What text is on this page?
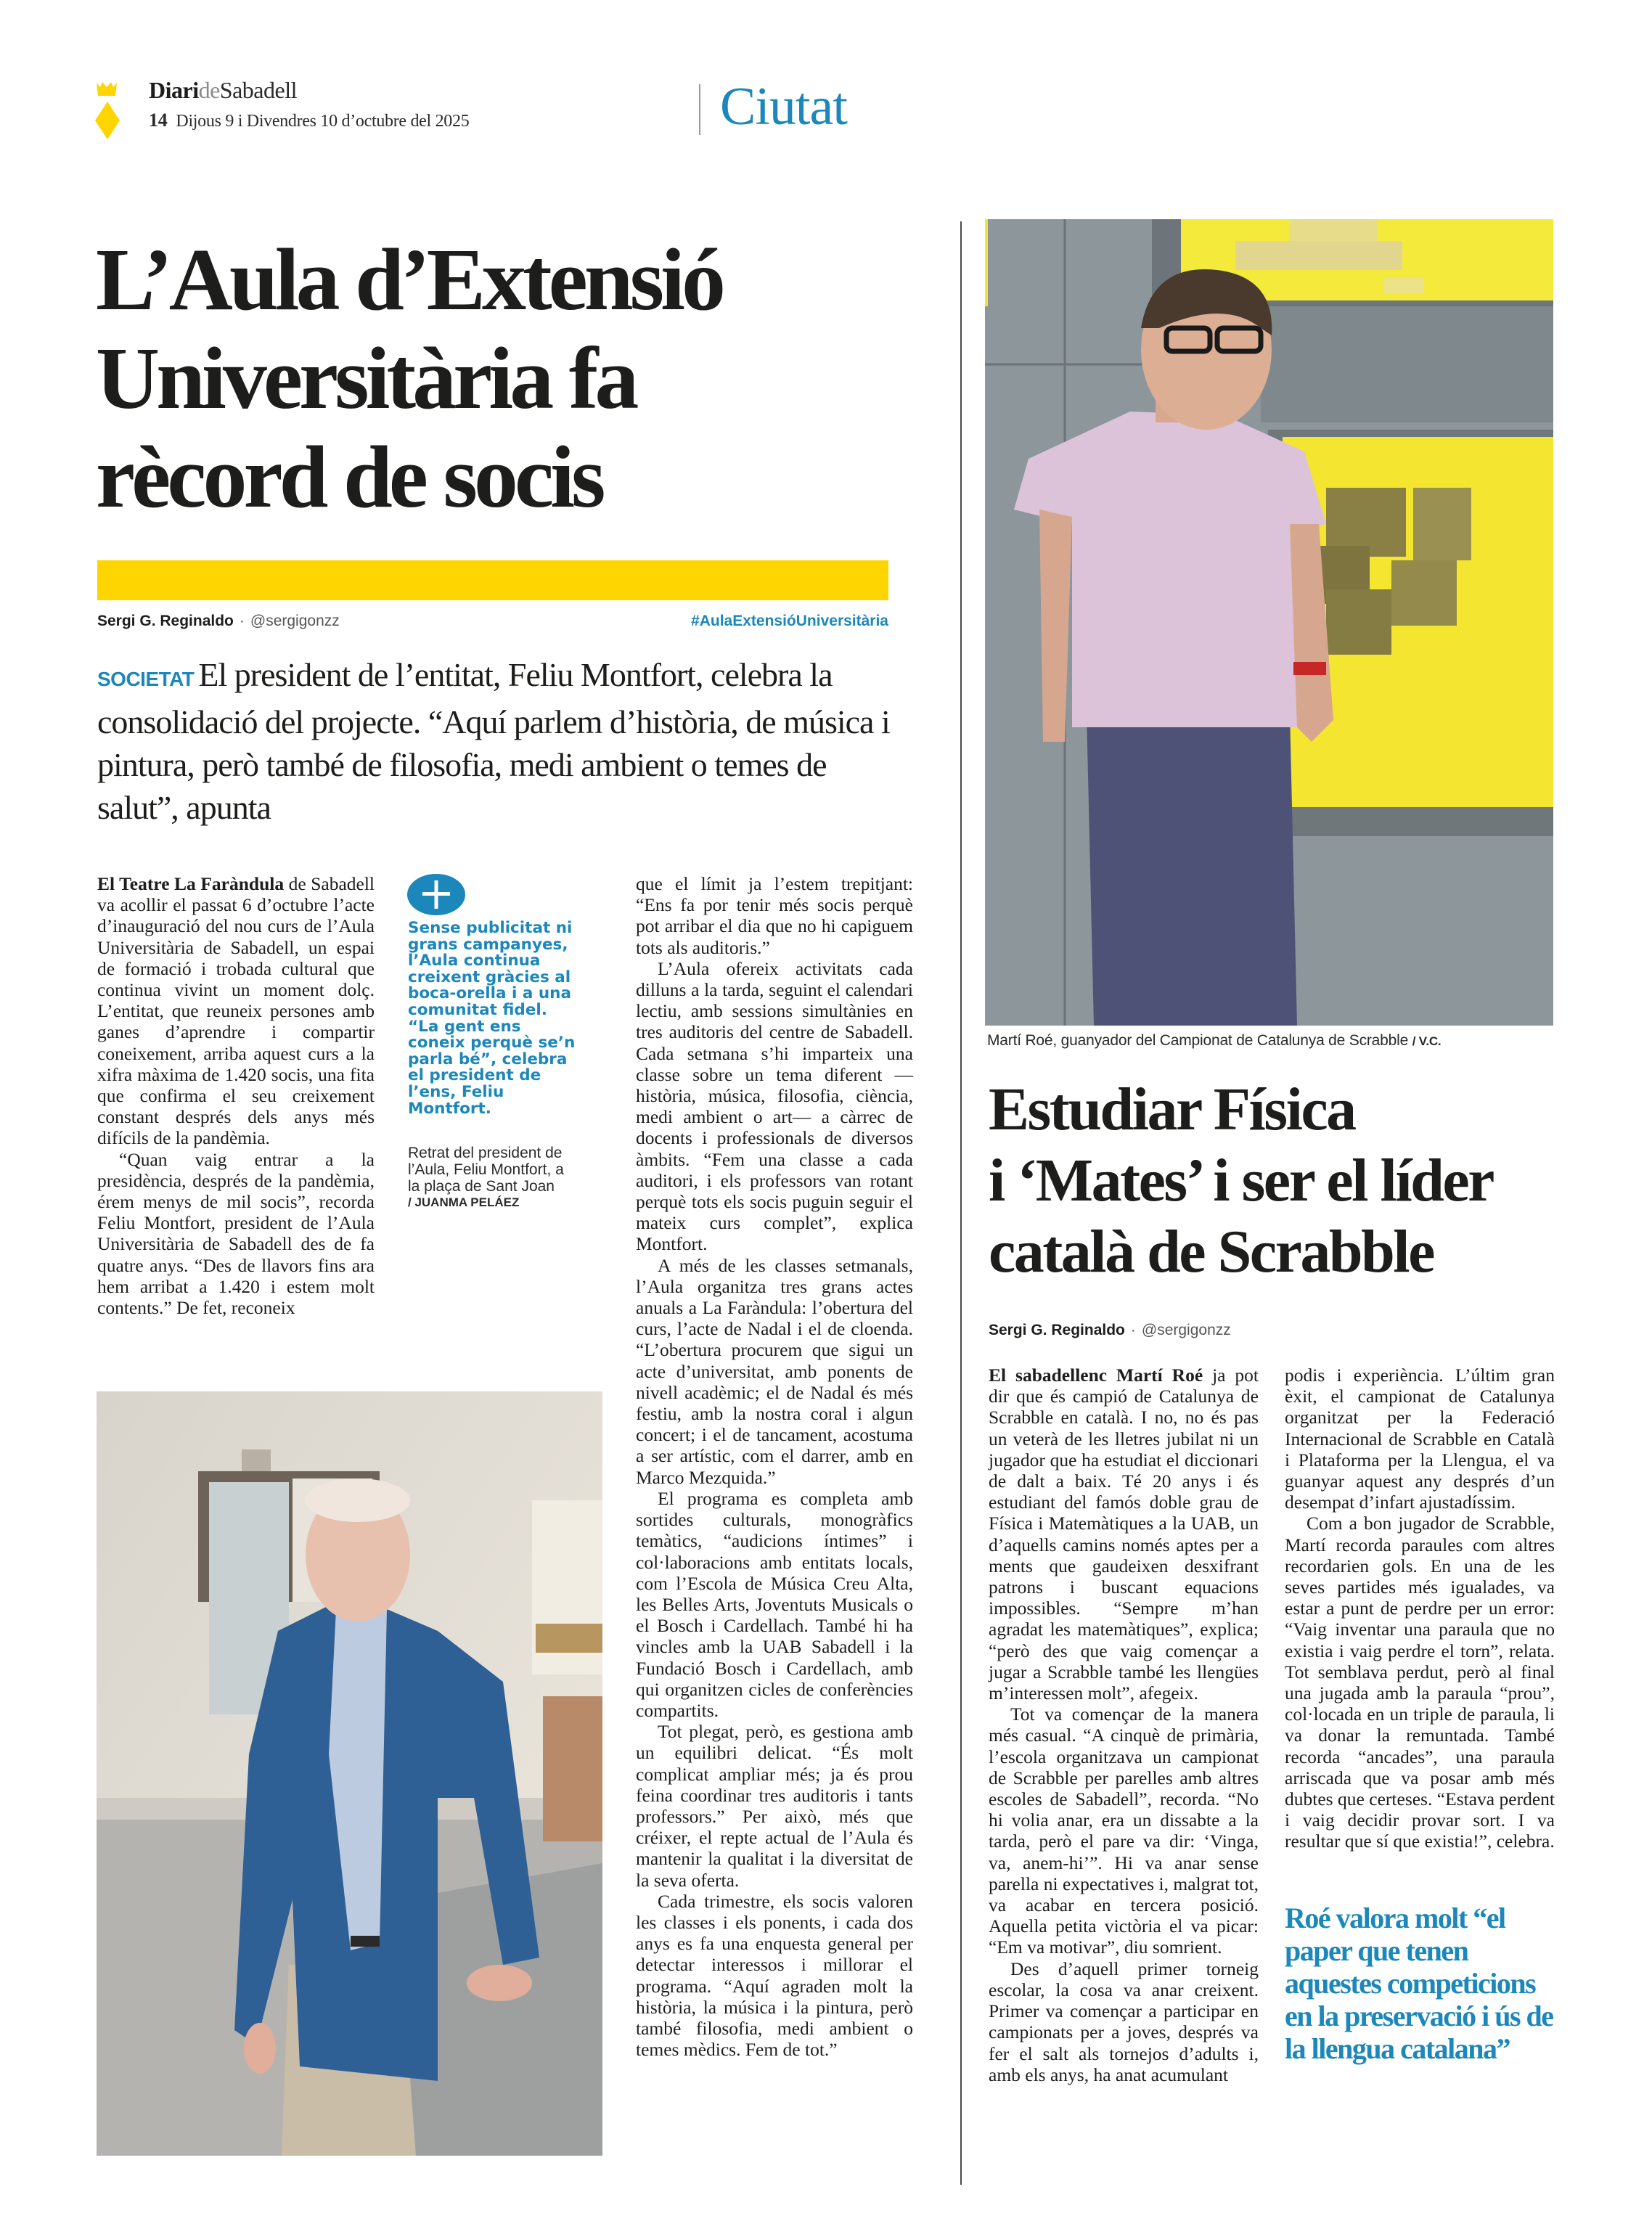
DiarideSabadell
14 Dijous 9 i Divendres 10 d’octubre del 2025	Ciutat
L’Aula d’Extensió
Universitària fa
rècord de socis
Sergi G. Reginaldo · @sergigonzz	#AulaExtensióUniversitària
SOCIETAT El president de l’entitat, Feliu Montfort, celebra la consolidació del projecte. “Aquí parlem d’història, de música i pintura, però també de filosofia, medi ambient o temes de salut”, apunta

El Teatre La Faràndula de Sabadell va acollir el passat 6 d’octubre l’acte d’inauguració del nou curs de l’Aula Universitària de Sabadell, un espai de formació i trobada cultural que continua vivint un moment dolç. L’entitat, que reuneix persones amb ganes d’aprendre i compartir coneixement, arriba aquest curs a la xifra màxima de 1.420 socis, una fita que confirma el seu creixement constant després dels anys més difícils de la pandèmia.

“Quan vaig entrar a la presidència, després de la pandèmia, érem menys de mil socis”, recorda Feliu Montfort, president de l’Aula Universitària de Sabadell des de fa quatre anys. “Des de llavors fins ara hem arribat a 1.420 i estem molt contents.” De fet, reconeix

Sense publicitat ni grans campanyes, l’Aula continua creixent gràcies al boca-orella i a una comunitat fidel. “La gent ens coneix perquè se’n parla bé”, celebra el president de l’ens, Feliu Montfort.
Retrat del president de l’Aula, Feliu Montfort, a la plaça de Sant Joan
/ JUANMA PELÁEZ

que el límit ja l’estem trepitjant: “Ens fa por tenir més socis perquè pot arribar el dia que no hi capiguem tots als auditoris.”

L’Aula ofereix activitats cada dilluns a la tarda, seguint el calendari lectiu, amb sessions simultànies en tres auditoris del centre de Sabadell. Cada setmana s’hi imparteix una classe sobre un tema diferent —història, música, filosofia, ciència, medi ambient o art— a càrrec de docents i professionals de diversos àmbits. “Fem una classe a cada auditori, i els professors van rotant perquè tots els socis puguin seguir el mateix curs complet”, explica Montfort.

A més de les classes setmanals, l’Aula organitza tres grans actes anuals a La Faràndula: l’obertura del curs, l’acte de Nadal i el de cloenda. “L’obertura procurem que sigui un acte d’universitat, amb ponents de nivell acadèmic; el de Nadal és més festiu, amb la nostra coral i algun concert; i el de tancament, acostuma a ser artístic, com el darrer, amb en Marco Mezquida.”

El programa es completa amb sortides culturals, monogràfics temàtics, “audicions íntimes” i col·laboracions amb entitats locals, com l’Escola de Música Creu Alta, les Belles Arts, Joventuts Musicals o el Bosch i Cardellach. També hi ha vincles amb la UAB Sabadell i la Fundació Bosch i Cardellach, amb qui organitzen cicles de conferències compartits.

Tot plegat, però, es gestiona amb un equilibri delicat. “És molt complicat ampliar més; ja és prou feina coordinar tres auditoris i tants professors.” Per això, més que créixer, el repte actual de l’Aula és mantenir la qualitat i la diversitat de la seva oferta.

Cada trimestre, els socis valoren les classes i els ponents, i cada dos anys es fa una enquesta general per detectar interessos i millorar el programa. “Aquí agraden molt la història, la música i la pintura, però també filosofia, medi ambient o temes mèdics. Fem de tot.”

Martí Roé, guanyador del Campionat de Catalunya de Scrabble / V.C.
Estudiar Física
i ‘Mates’ i ser el líder
català de Scrabble
Sergi G. Reginaldo · @sergigonzz

El sabadellenc Martí Roé ja pot dir que és campió de Catalunya de Scrabble en català. I no, no és pas un veterà de les lletres jubilat ni un jugador que ha estudiat el diccionari de dalt a baix. Té 20 anys i és estudiant del famós doble grau de Física i Matemàtiques a la UAB, un d’aquells camins només aptes per a ments que gaudeixen desxifrant patrons i buscant equacions impossibles. “Sempre m’han agradat les matemàtiques”, explica; “però des que vaig començar a jugar a Scrabble també les llengües m’interessen molt”, afegeix.

Tot va començar de la manera més casual. “A cinquè de primària, l’escola organitzava un campionat de Scrabble per parelles amb altres escoles de Sabadell”, recorda. “No hi volia anar, era un dissabte a la tarda, però el pare va dir: ‘Vinga, va, anem-hi’”. Hi va anar sense parella ni expectatives i, malgrat tot, va acabar en tercera posició. Aquella petita victòria el va picar: “Em va motivar”, diu somrient.

Des d’aquell primer torneig escolar, la cosa va anar creixent. Primer va començar a participar en campionats per a joves, després va fer el salt als tornejos d’adults i, amb els anys, ha anat acumulant

podis i experiència. L’últim gran èxit, el campionat de Catalunya organitzat per la Federació Internacional de Scrabble en Català i Plataforma per la Llengua, el va guanyar aquest any després d’un desempat d’infart ajustadíssim.

Com a bon jugador de Scrabble, Martí recorda paraules com altres recordarien gols. En una de les seves partides més igualades, va estar a punt de perdre per un error: “Vaig inventar una paraula que no existia i vaig perdre el torn”, relata. Tot semblava perdut, però al final una jugada amb la paraula “prou”, col·locada en un triple de paraula, li va donar la remuntada. També recorda “ancades”, una paraula arriscada que va posar amb més dubtes que certeses. “Estava perdent i vaig decidir provar sort. I va resultar que sí que existia!”, celebra.

Roé valora molt “el paper que tenen aquestes competicions en la preservació i ús de la llengua catalana”
